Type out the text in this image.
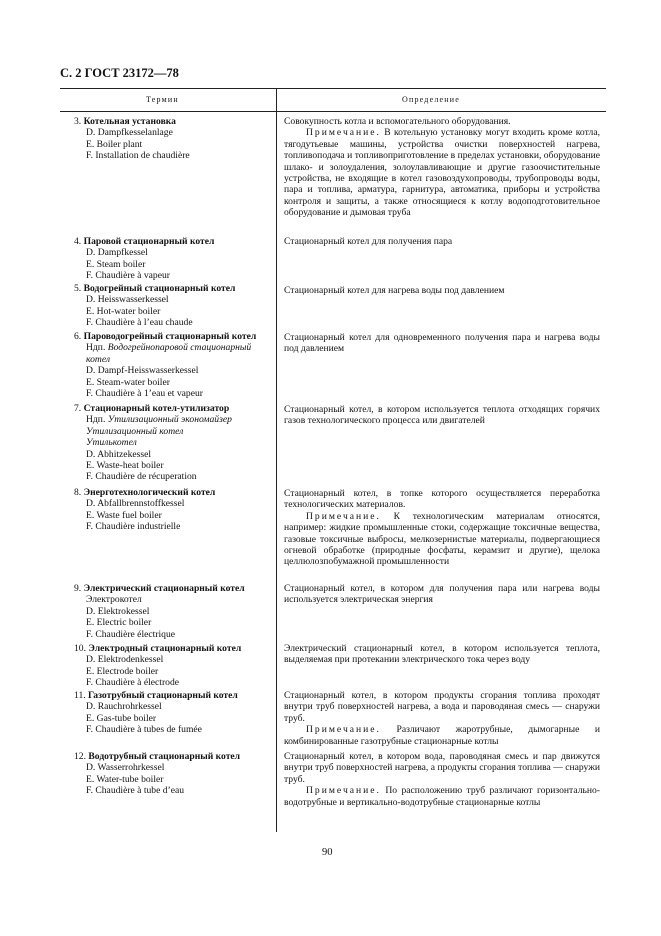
С. 2 ГОСТ 23172—78
Термин	Определение
3. Котельная установка
D. Dampfkesselanlage
E. Boiler plant
F. Installation de chaudière

Совокупность котла и вспомогательного оборудования.

Примечание. В котельную установку могут входить кроме котла, тягодутьевые машины, устройства очистки поверхностей нагрева, топливоподача и топливоприготовление в пределах установки, оборудование шлако- и золоудаления, золоулавливающие и другие газоочистительные устройства, не входящие в котел газовоздухопроводы, трубопроводы воды, пара и топлива, арматура, гарнитура, автоматика, приборы и устройства контроля и защиты, а также относящиеся к котлу водоподготовительное оборудование и дымовая труба

4. Паровой стационарный котел
D. Dampfkessel
E. Steam boiler
F. Chaudière à vapeur

Стационарный котел для получения пара

5. Водогрейный стационарный котел
D. Heisswasserkessel
E. Hot-water boiler
F. Chaudière à l’eau chaude

Стационарный котел для нагрева воды под давлением

6. Пароводогрейный стационарный котел
Ндп. Водогрейнопаровой стационарный котел
D. Dampf-Heisswasserkessel
E. Steam-water boiler
F. Chaudière à 1’eau et vapeur

Стационарный котел для одновременного получения пара и нагрева воды под давлением

7. Стационарный котел-утилизатор
Ндп. Утилизационный экономайзер
Утилизационный котел
Утилькотел
D. Abhitzekessel
E. Waste-heat boiler
F. Chaudière de récuperation

Стационарный котел, в котором используется теплота отходящих горячих газов технологического процесса или двигателей

8. Энерготехнологический котел
D. Abfallbrennstoffkessel
E. Waste fuel boiler
F. Chaudière industrielle

Стационарный котел, в топке которого осуществляется переработка технологических материалов.

Примечание. К технологическим материалам относятся, например: жидкие промышленные стоки, содержащие токсичные вещества, газовые токсичные выбросы, мелкозернистые материалы, подвергающиеся огневой обработке (природные фосфаты, керамзит и другие), щелока целлюлозпобумажной промышленности

9. Электрический стационарный котел
Электрокотел
D. Elektrokessel
E. Electric boiler
F. Chaudière électrique

Стационарный котел, в котором для получения пара или нагрева воды используется электрическая энергия

10. Электродный стационарный котел
D. Elektrodenkessel
E. Electrode boiler
F. Chaudière à électrode

Электрический стационарный котел, в котором используется теплота, выделяемая при протекании электрического тока через воду

11. Газотрубный стационарный котел
D. Rauchrohrkessel
E. Gas-tube boiler
F. Chaudière à tubes de fumée

Стационарный котел, в котором продукты сгорания топлива проходят внутри труб поверхностей нагрева, а вода и пароводяная смесь — снаружи труб.

Примечание. Различают жаротрубные, дымогарные и комбинированные газотрубные стационарные котлы

12. Водотрубный стационарный котел
D. Wasserrohrkessel
E. Water-tube boiler
F. Chaudière à tube d’eau

Стационарный котел, в котором вода, пароводяная смесь и пар движутся внутри труб поверхностей нагрева, а продукты сгорания топлива — снаружи труб.

Примечание. По расположению труб различают горизонтально-водотрубные и вертикально-водотрубные стационарные котлы

90
